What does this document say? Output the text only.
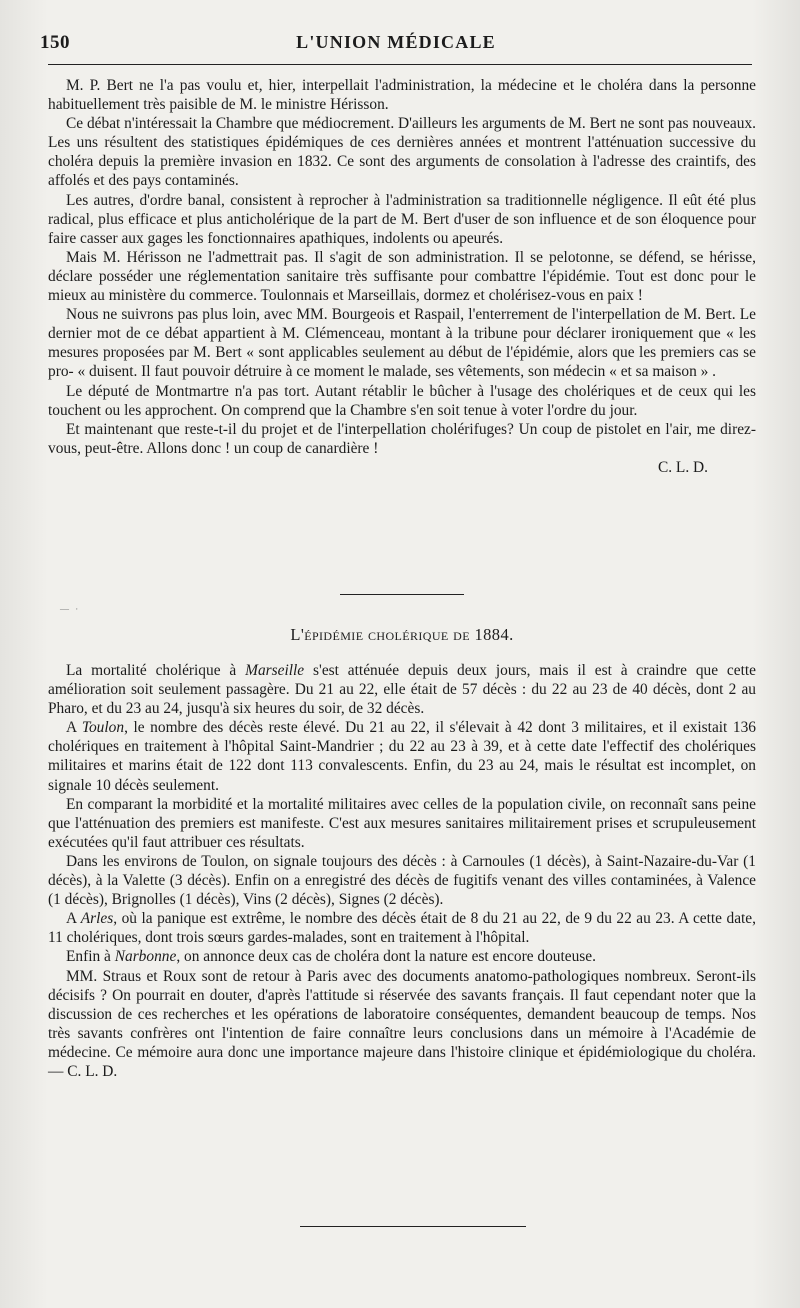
150	L'UNION MÉDICALE

M. P. Bert ne l'a pas voulu et, hier, interpellait l'administration, la médecine et le choléra dans la personne habituellement très paisible de M. le ministre Hérisson.

Ce débat n'intéressait la Chambre que médiocrement. D'ailleurs les arguments de M. Bert ne sont pas nouveaux. Les uns résultent des statistiques épidémiques de ces dernières années et montrent l'atténuation successive du choléra depuis la première invasion en 1832. Ce sont des arguments de consolation à l'adresse des craintifs, des affolés et des pays contaminés.

Les autres, d'ordre banal, consistent à reprocher à l'administration sa traditionnelle négligence. Il eût été plus radical, plus efficace et plus anticholérique de la part de M. Bert d'user de son influence et de son éloquence pour faire casser aux gages les fonctionnaires apathiques, indolents ou apeurés.

Mais M. Hérisson ne l'admettrait pas. Il s'agit de son administration. Il se pelotonne, se défend, se hérisse, déclare posséder une réglementation sanitaire très suffisante pour combattre l'épidémie. Tout est donc pour le mieux au ministère du commerce. Toulonnais et Marseillais, dormez et cholérisez-vous en paix !

Nous ne suivrons pas plus loin, avec MM. Bourgeois et Raspail, l'enterrement de l'interpellation de M. Bert. Le dernier mot de ce débat appartient à M. Clémenceau, montant à la tribune pour déclarer ironiquement que « les mesures proposées par M. Bert « sont applicables seulement au début de l'épidémie, alors que les premiers cas se pro- « duisent. Il faut pouvoir détruire à ce moment le malade, ses vêtements, son médecin « et sa maison » .

Le député de Montmartre n'a pas tort. Autant rétablir le bûcher à l'usage des cholériques et de ceux qui les touchent ou les approchent. On comprend que la Chambre s'en soit tenue à voter l'ordre du jour.

Et maintenant que reste-t-il du projet et de l'interpellation cholérifuges? Un coup de pistolet en l'air, me direz-vous, peut-être. Allons donc ! un coup de canardière !

C. L. D.
— ·
L'épidémie cholérique de 1884.

La mortalité cholérique à Marseille s'est atténuée depuis deux jours, mais il est à craindre que cette amélioration soit seulement passagère. Du 21 au 22, elle était de 57 décès : du 22 au 23 de 40 décès, dont 2 au Pharo, et du 23 au 24, jusqu'à six heures du soir, de 32 décès.

A Toulon, le nombre des décès reste élevé. Du 21 au 22, il s'élevait à 42 dont 3 militaires, et il existait 136 cholériques en traitement à l'hôpital Saint-Mandrier ; du 22 au 23 à 39, et à cette date l'effectif des cholériques militaires et marins était de 122 dont 113 convalescents. Enfin, du 23 au 24, mais le résultat est incomplet, on signale 10 décès seulement.

En comparant la morbidité et la mortalité militaires avec celles de la population civile, on reconnaît sans peine que l'atténuation des premiers est manifeste. C'est aux mesures sanitaires militairement prises et scrupuleusement exécutées qu'il faut attribuer ces résultats.

Dans les environs de Toulon, on signale toujours des décès : à Carnoules (1 décès), à Saint-Nazaire-du-Var (1 décès), à la Valette (3 décès). Enfin on a enregistré des décès de fugitifs venant des villes contaminées, à Valence (1 décès), Brignolles (1 décès), Vins (2 décès), Signes (2 décès).

A Arles, où la panique est extrême, le nombre des décès était de 8 du 21 au 22, de 9 du 22 au 23. A cette date, 11 cholériques, dont trois sœurs gardes-malades, sont en traitement à l'hôpital.

Enfin à Narbonne, on annonce deux cas de choléra dont la nature est encore douteuse.

MM. Straus et Roux sont de retour à Paris avec des documents anatomo-pathologiques nombreux. Seront-ils décisifs ? On pourrait en douter, d'après l'attitude si réservée des savants français. Il faut cependant noter que la discussion de ces recherches et les opérations de laboratoire conséquentes, demandent beaucoup de temps. Nos très savants confrères ont l'intention de faire connaître leurs conclusions dans un mémoire à l'Académie de médecine. Ce mémoire aura donc une importance majeure dans l'histoire clinique et épidémiologique du choléra. — C. L. D.
